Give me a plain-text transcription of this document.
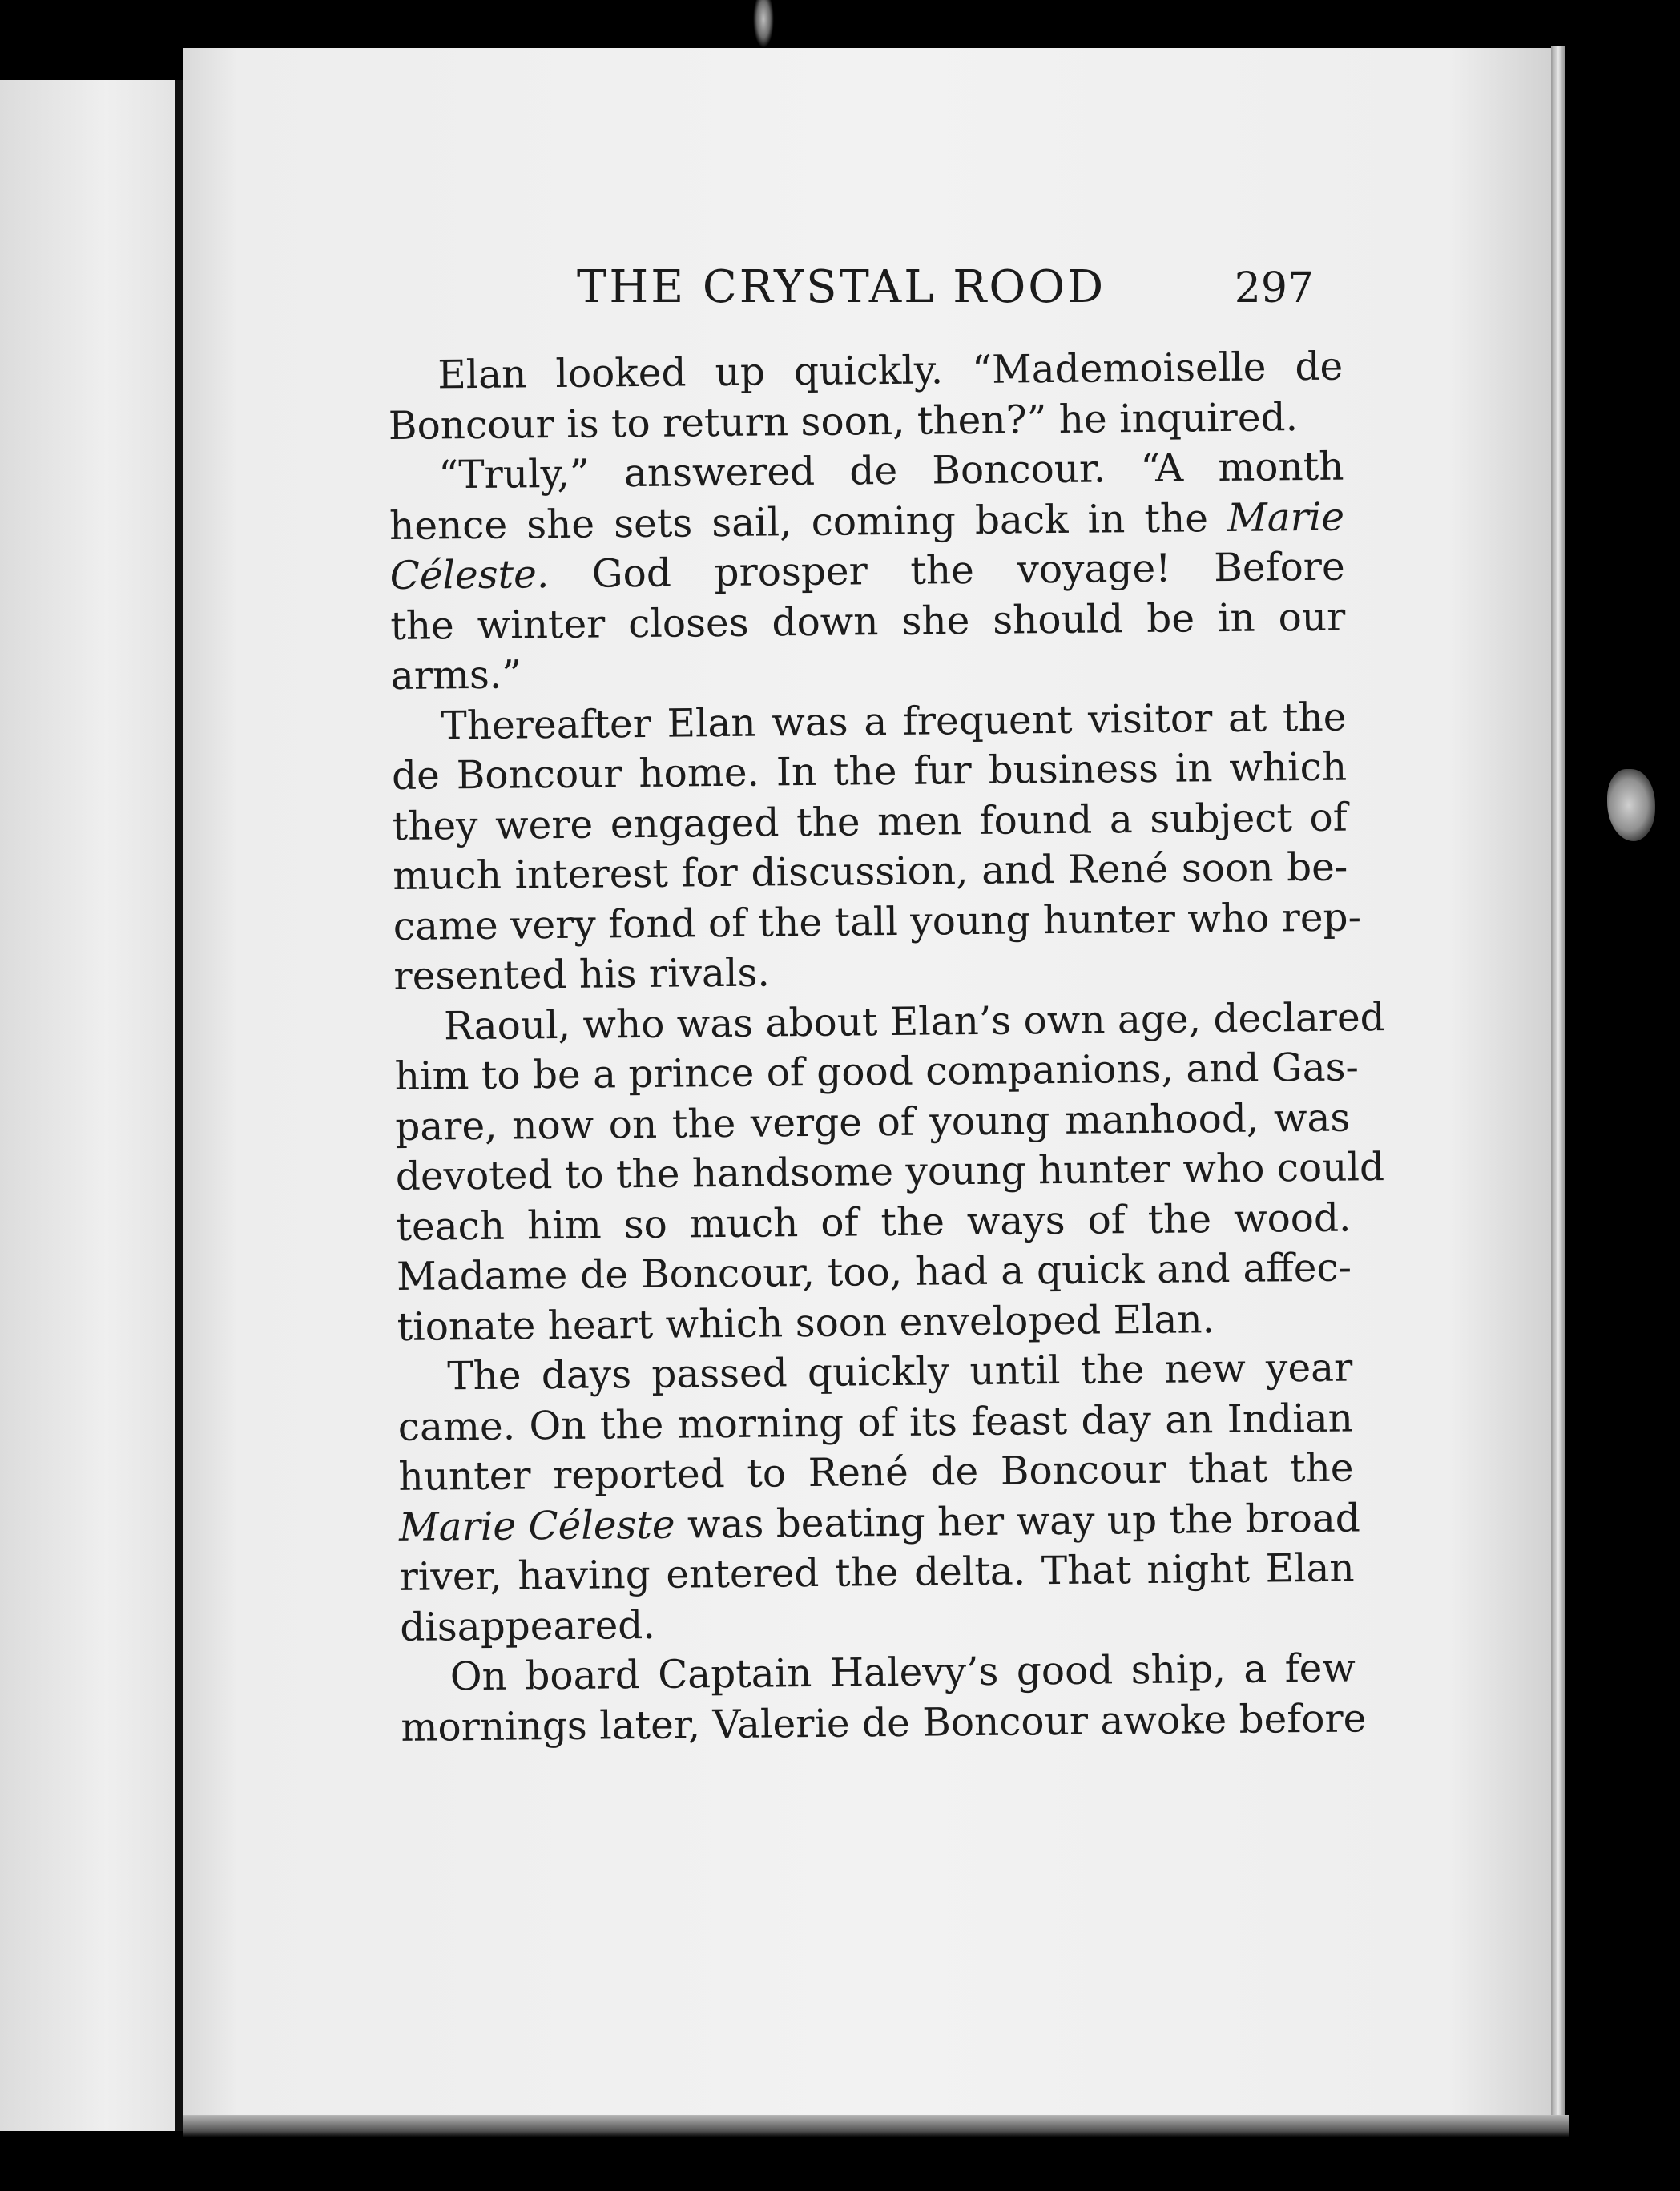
THE CRYSTAL ROOD	297
Elan looked up quickly. “Mademoiselle de
Boncour is to return soon, then?” he inquired.
“Truly,” answered de Boncour. “A month
hence she sets sail, coming back in the Marie
Céleste. God prosper the voyage! Before
the winter closes down she should be in our
arms.”
Thereafter Elan was a frequent visitor at the
de Boncour home. In the fur business in which
they were engaged the men found a subject of
much interest for discussion, and René soon be-
came very fond of the tall young hunter who rep-
resented his rivals.
Raoul, who was about Elan’s own age, declared
him to be a prince of good companions, and Gas-
pare, now on the verge of young manhood, was
devoted to the handsome young hunter who could
teach him so much of the ways of the wood.
Madame de Boncour, too, had a quick and affec-
tionate heart which soon enveloped Elan.
The days passed quickly until the new year
came. On the morning of its feast day an Indian
hunter reported to René de Boncour that the
Marie Céleste was beating her way up the broad
river, having entered the delta. That night Elan
disappeared.
On board Captain Halevy’s good ship, a few
mornings later, Valerie de Boncour awoke before
